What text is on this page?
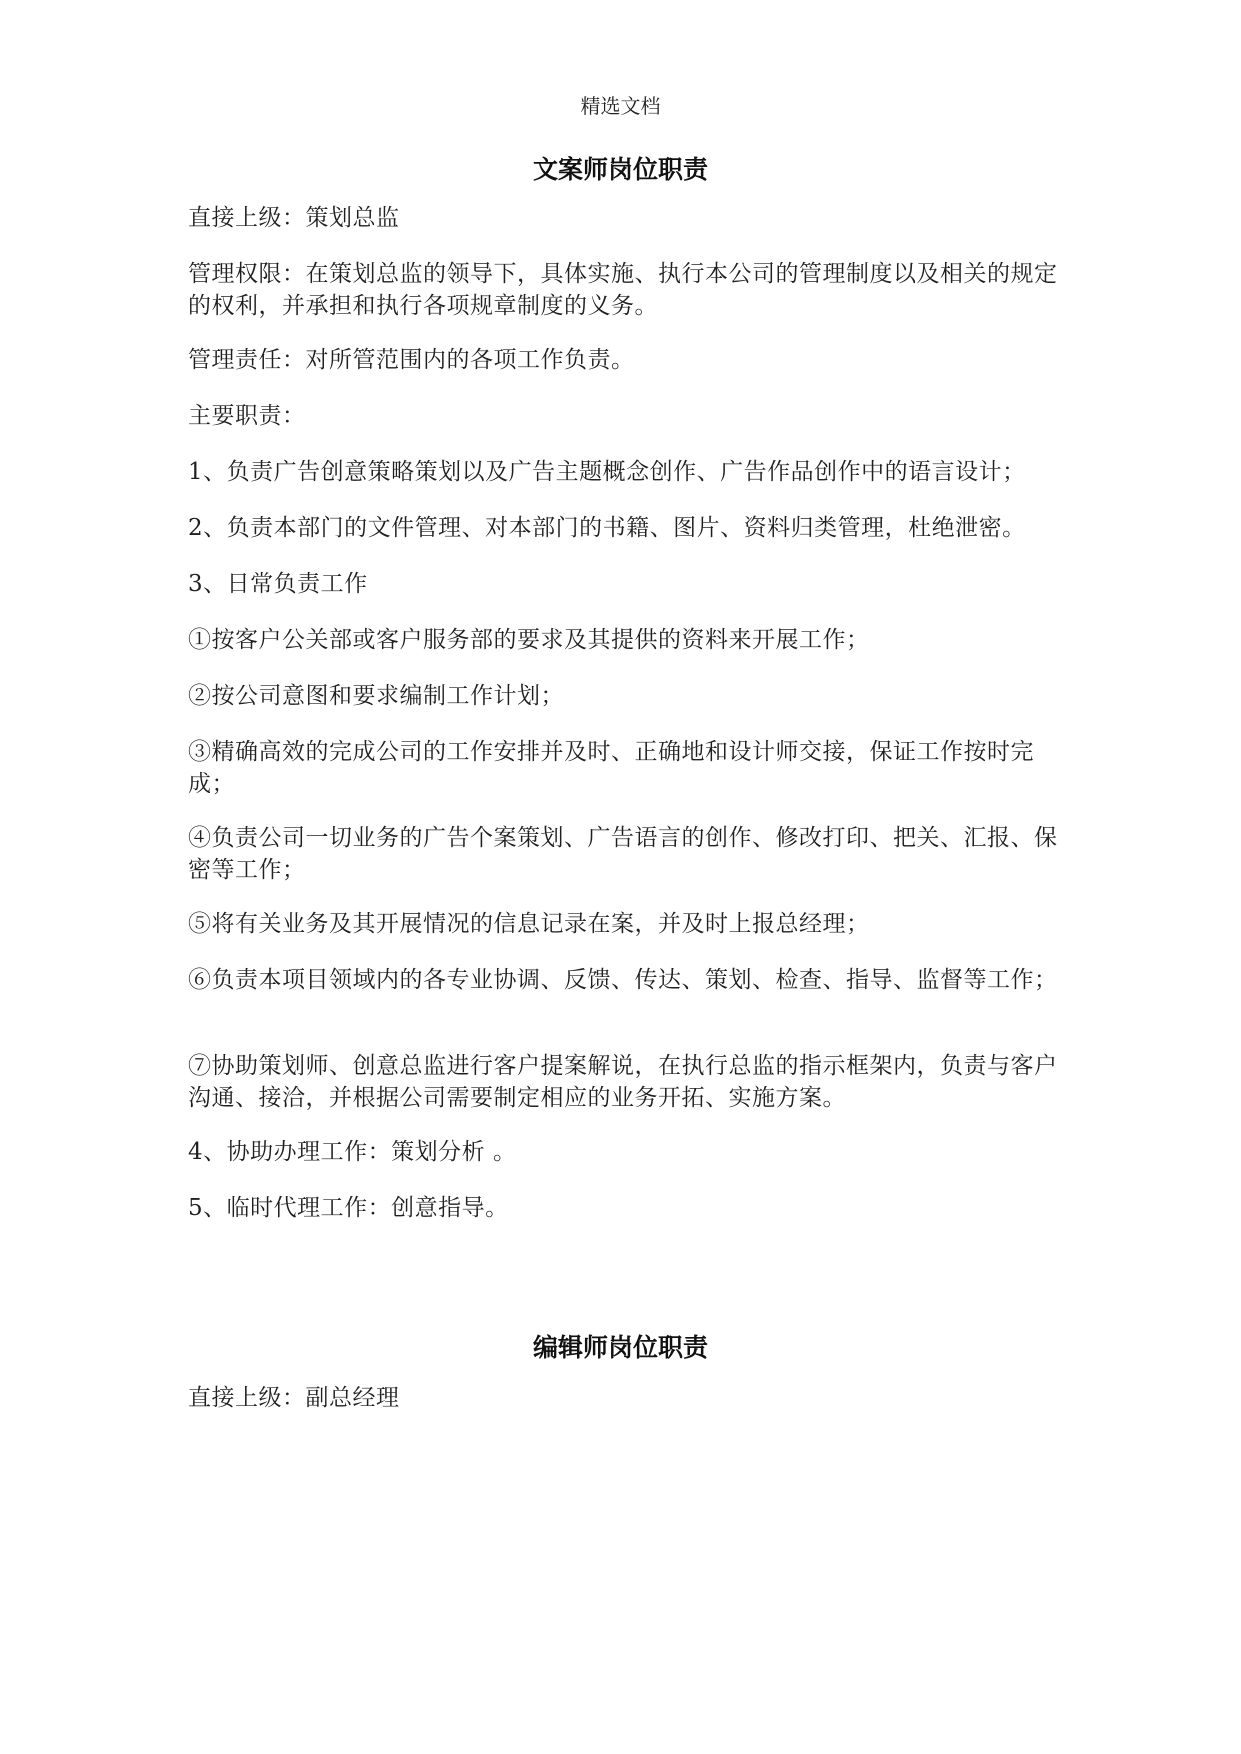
精选文档
文案师岗位职责
直接上级：策划总监
管理权限：在策划总监的领导下，具体实施、执行本公司的管理制度以及相关的规定的权利，并承担和执行各项规章制度的义务。
管理责任：对所管范围内的各项工作负责。
主要职责：
1、负责广告创意策略策划以及广告主题概念创作、广告作品创作中的语言设计；
2、负责本部门的文件管理、对本部门的书籍、图片、资料归类管理，杜绝泄密。
3、日常负责工作
①按客户公关部或客户服务部的要求及其提供的资料来开展工作；
②按公司意图和要求编制工作计划；
③精确高效的完成公司的工作安排并及时、正确地和设计师交接，保证工作按时完成；
④负责公司一切业务的广告个案策划、广告语言的创作、修改打印、把关、汇报、保密等工作；
⑤将有关业务及其开展情况的信息记录在案，并及时上报总经理；
⑥负责本项目领域内的各专业协调、反馈、传达、策划、检查、指导、监督等工作；
⑦协助策划师、创意总监进行客户提案解说，在执行总监的指示框架内，负责与客户沟通、接洽，并根据公司需要制定相应的业务开拓、实施方案。
4、协助办理工作：策划分析 。
5、临时代理工作：创意指导。
编辑师岗位职责
直接上级：副总经理
